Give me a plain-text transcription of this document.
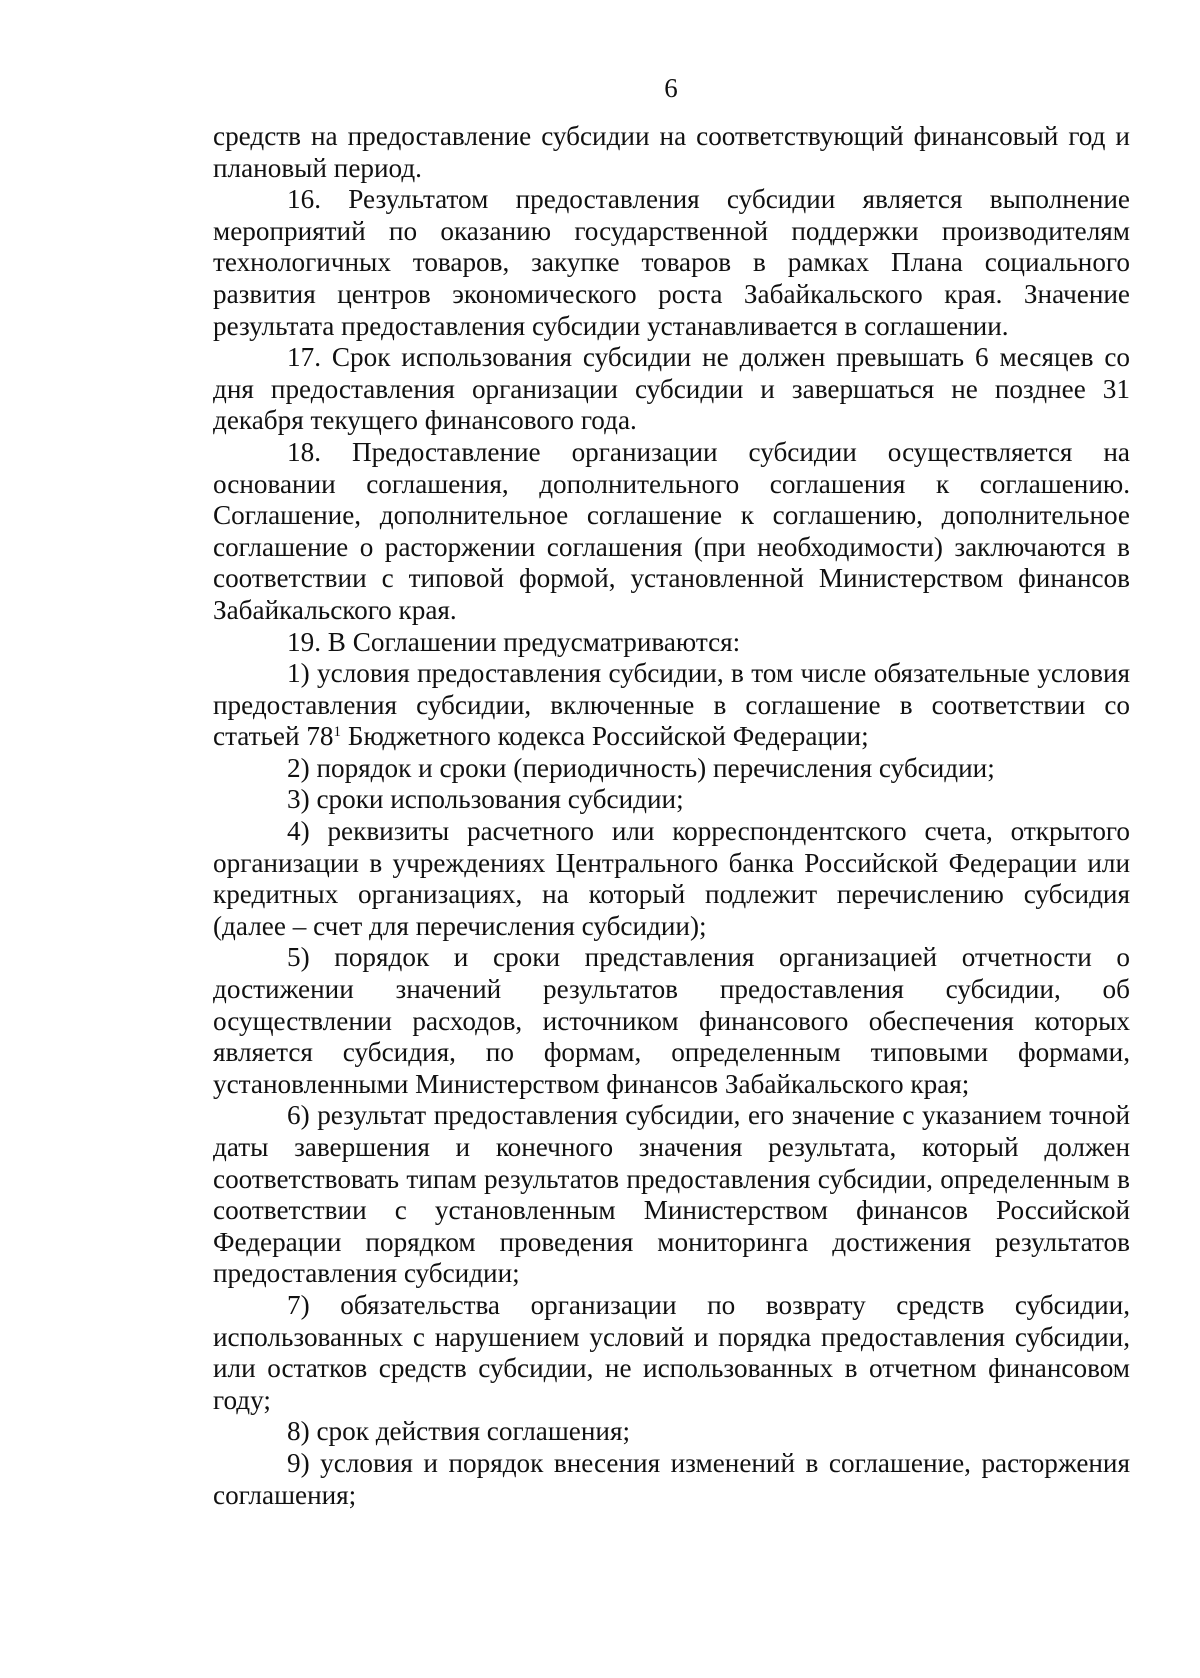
6

средств на предоставление субсидии на соответствующий финансовый год и плановый период.

16. Результатом предоставления субсидии является выполнение мероприятий по оказанию государственной поддержки производителям технологичных товаров, закупке товаров в рамках Плана социального развития центров экономического роста Забайкальского края. Значение результата предоставления субсидии устанавливается в соглашении.

17. Срок использования субсидии не должен превышать 6 месяцев со дня предоставления организации субсидии и завершаться не позднее 31 декабря текущего финансового года.

18. Предоставление организации субсидии осуществляется на основании соглашения, дополнительного соглашения к соглашению. Соглашение, дополнительное соглашение к соглашению, дополнительное соглашение о расторжении соглашения (при необходимости) заключаются в соответствии с типовой формой, установленной Министерством финансов Забайкальского края.

19. В Соглашении предусматриваются:

1) условия предоставления субсидии, в том числе обязательные условия предоставления субсидии, включенные в соглашение в соответствии со статьей $78^1$ Бюджетного кодекса Российской Федерации;

2) порядок и сроки (периодичность) перечисления субсидии;

3) сроки использования субсидии;

4) реквизиты расчетного или корреспондентского счета, открытого организации в учреждениях Центрального банка Российской Федерации или кредитных организациях, на который подлежит перечислению субсидия (далее – счет для перечисления субсидии);

5) порядок и сроки представления организацией отчетности о достижении значений результатов предоставления субсидии, об осуществлении расходов, источником финансового обеспечения которых является субсидия, по формам, определенным типовыми формами, установленными Министерством финансов Забайкальского края;

6) результат предоставления субсидии, его значение с указанием точной даты завершения и конечного значения результата, который должен соответствовать типам результатов предоставления субсидии, определенным в соответствии с установленным Министерством финансов Российской Федерации порядком проведения мониторинга достижения результатов предоставления субсидии;

7) обязательства организации по возврату средств субсидии, использованных с нарушением условий и порядка предоставления субсидии, или остатков средств субсидии, не использованных в отчетном финансовом году;

8) срок действия соглашения;

9) условия и порядок внесения изменений в соглашение, расторжения соглашения;
